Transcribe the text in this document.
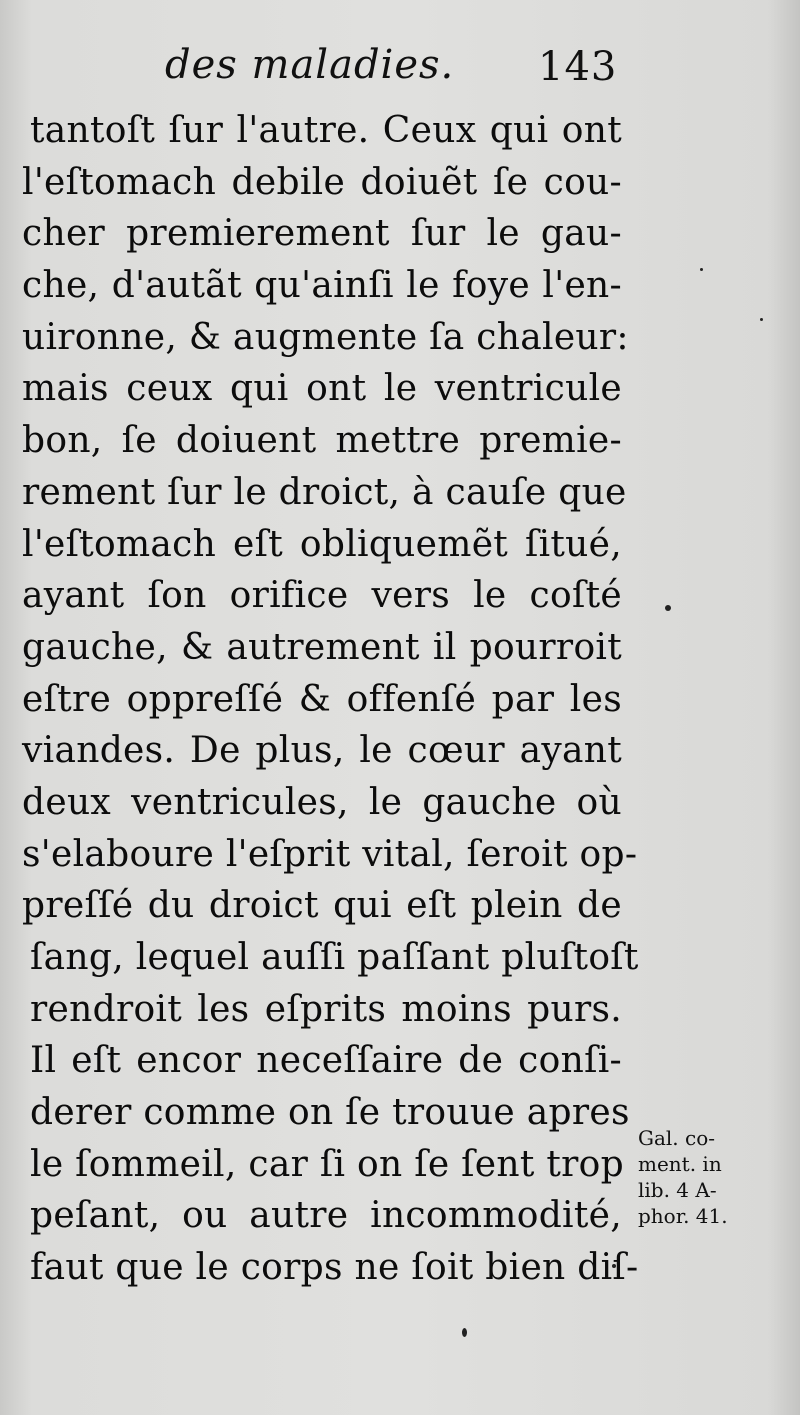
des maladies. 143
tantoſt ſur l'autre. Ceux qui ont
l'eſtomach debile doiuẽt ſe cou-
cher premierement ſur le gau-
che, d'autãt qu'ainſi le foye l'en-
uironne, & augmente ſa chaleur:
mais ceux qui ont le ventricule
bon, ſe doiuent mettre premie-
rement ſur le droict, à cauſe que
l'eſtomach eſt obliquemẽt ſitué,
ayant ſon orifice vers le coſté
gauche, & autrement il pourroit
eſtre oppreſſé & offenſé par les
viandes. De plus, le cœur ayant
deux ventricules, le gauche où
s'elaboure l'eſprit vital, ſeroit op-
preſſé du droict qui eſt plein de
ſang, lequel auſſi paſſant pluſtoſt
rendroit les eſprits moins purs.
Il eſt encor neceſſaire de conſi-
derer comme on ſe trouue apres
le ſommeil, car ſi on ſe ſent trop
peſant, ou autre incommodité,
faut que le corps ne ſoit bien diſ-
Gal. co-
ment. in
lib. 4 A-
phor. 41.
